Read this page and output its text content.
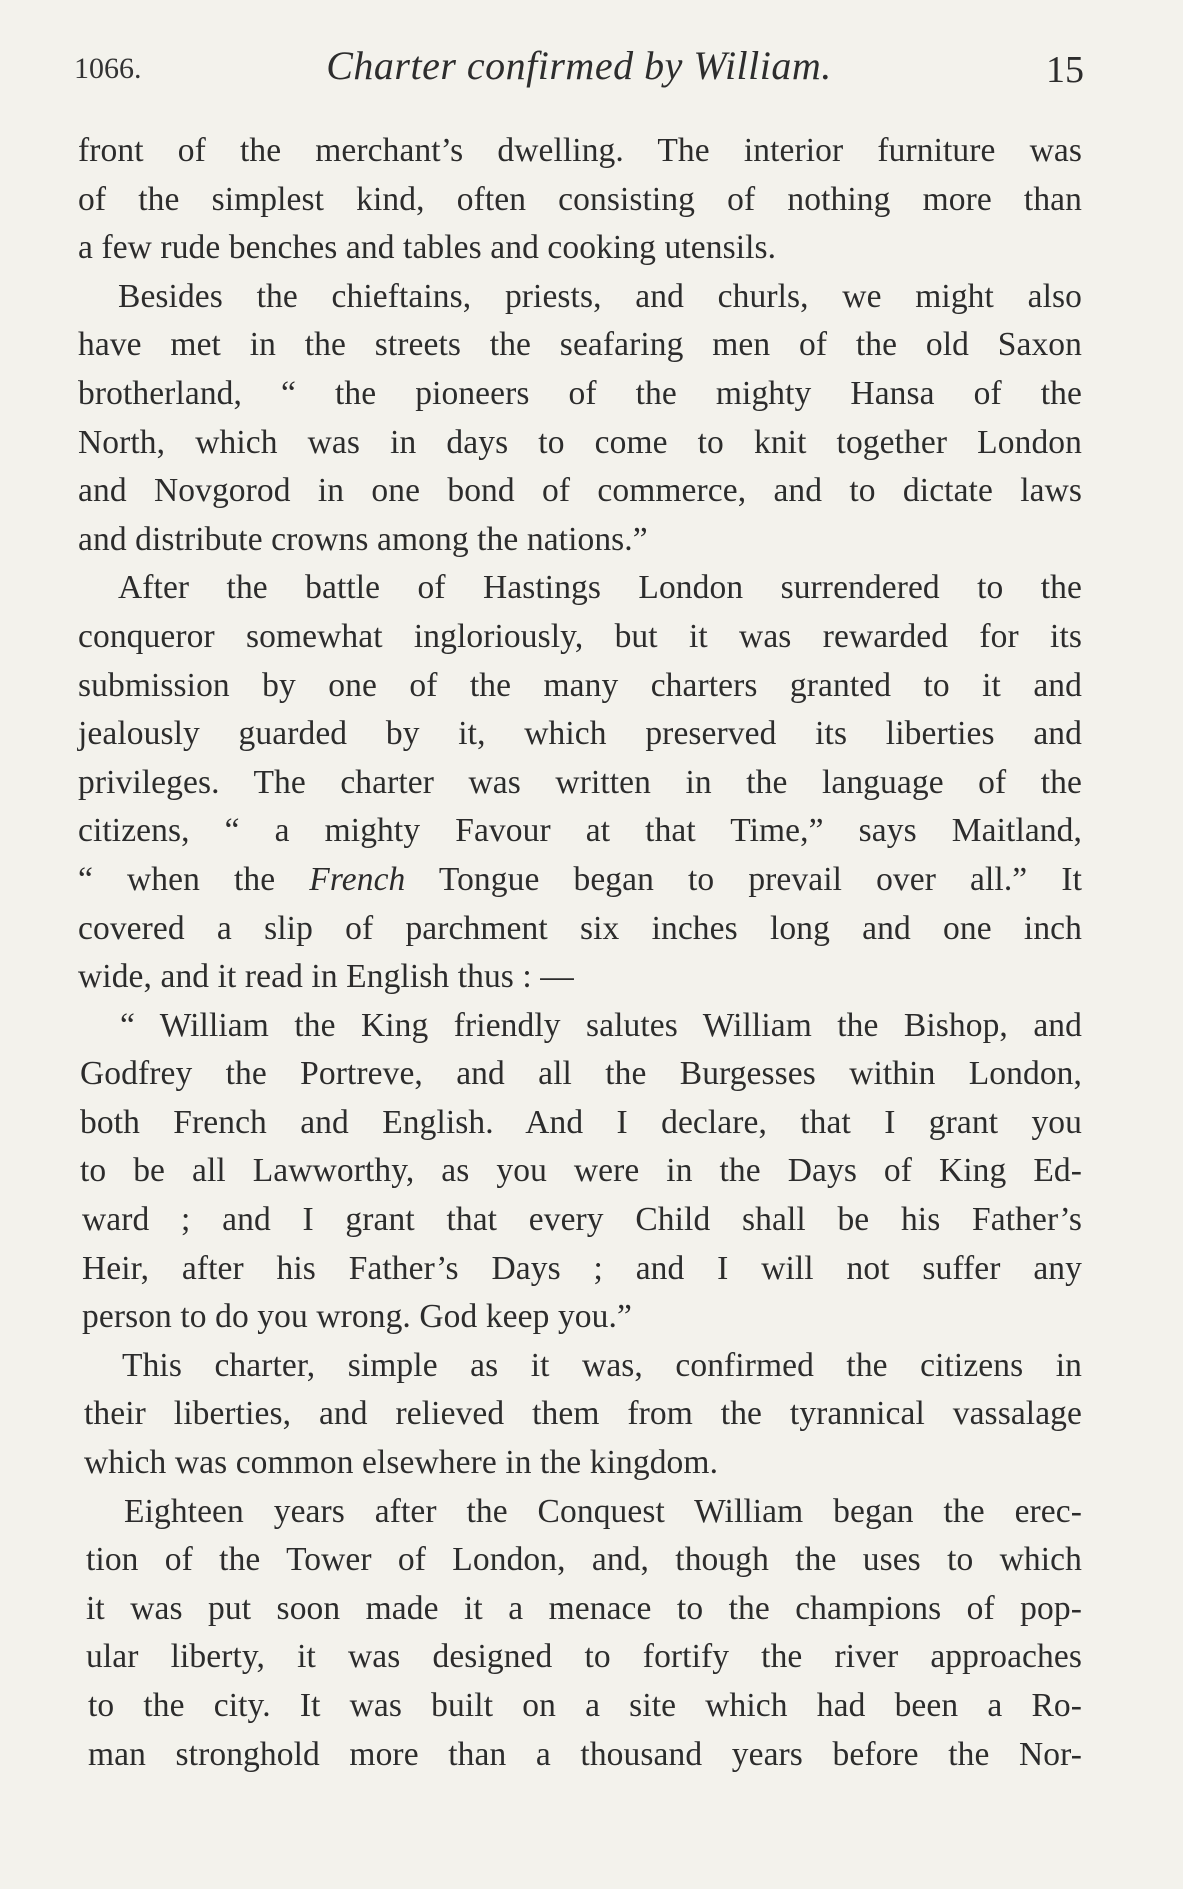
1066.	Charter confirmed by William.	15
front of the merchant’s dwelling. The interior furniture was
of the simplest kind, often consisting of nothing more than
a few rude benches and tables and cooking utensils.
Besides the chieftains, priests, and churls, we might also
have met in the streets the seafaring men of the old Saxon
brotherland, “ the pioneers of the mighty Hansa of the
North, which was in days to come to knit together London
and Novgorod in one bond of commerce, and to dictate laws
and distribute crowns among the nations.”
After the battle of Hastings London surrendered to the
conqueror somewhat ingloriously, but it was rewarded for its
submission by one of the many charters granted to it and
jealously guarded by it, which preserved its liberties and
privileges. The charter was written in the language of the
citizens, “ a mighty Favour at that Time,” says Maitland,
“ when the French Tongue began to prevail over all.” It
covered a slip of parchment six inches long and one inch
wide, and it read in English thus : —
“ William the King friendly salutes William the Bishop, and
Godfrey the Portreve, and all the Burgesses within London,
both French and English. And I declare, that I grant you
to be all Lawworthy, as you were in the Days of King Ed-
ward ; and I grant that every Child shall be his Father’s
Heir, after his Father’s Days ; and I will not suffer any
person to do you wrong. God keep you.”
This charter, simple as it was, confirmed the citizens in
their liberties, and relieved them from the tyrannical vassalage
which was common elsewhere in the kingdom.
Eighteen years after the Conquest William began the erec-
tion of the Tower of London, and, though the uses to which
it was put soon made it a menace to the champions of pop-
ular liberty, it was designed to fortify the river approaches
to the city. It was built on a site which had been a Ro-
man stronghold more than a thousand years before the Nor-
